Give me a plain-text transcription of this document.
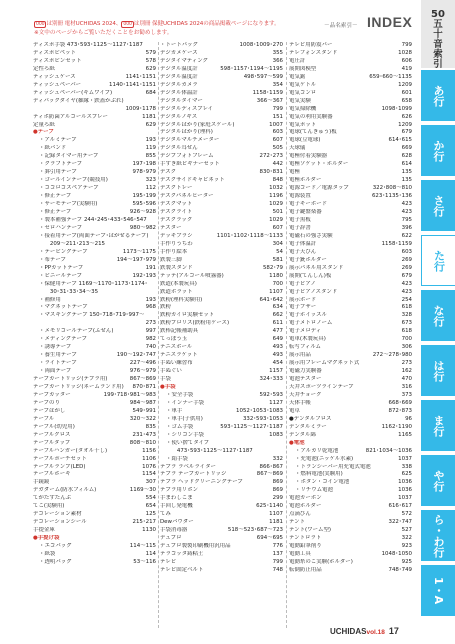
000 は別冊 電材UCHIDAS 2024、 000 は別冊 保健UCHIDAS 2024の商品掲載ページになります。
※文中のページからご覧いただくことをお勧めします。
－品名索引－ INDEX
ディスポ手袋 473･593･1125～1127･1187
ディスポピペット	579
ディスポピンセット	578
定性ろ紙	629
ティッシュケース	1141･1151
ティッシュペーパー	1140･1141･1151
ティッシュペーパー(キムワイプ)	684
ディパックダイヤ(雑縁・鉄蓋かぶれ)
1009･1178
ティボ防菌アルコールスプレー	1181
定量ろ紙	629
●テープ
・アルミテープ	193
・紙バンド	119
・記録タイマー用テープ	855
・クラフトテープ	197･198
・罫引用テープ	978･979
・ゴールインテープ(競技用)	323
・ココロコスペアテープ	112
・修正テープ	195･199
・サーモテープ(実験用)	595･596
・修正テープ	926～928
・製本補強テープ 244･245･433･546･547
・セロハンテープ	980～982
・接着用テープ(両面テープ･はがせるテープ)
　　209～211･213～215
・テービングテープ	1173～1175
・布テープ	194～197･979
・PPカットテープ	191
・ビニールテープ	192･193
・保健用テープ 1169～1170･1173･1174･
　　30･31･33･34～35
・補修用	193
・マグネットテープ	968
・マスキングテープ 150･718･719･997～

273
・メモリコールテープ(ふせん)	997
・メディングテープ	982
・誘導テープ	740
・養生用テープ	190～192･747
・ライトテープ	227～496
・両面テープ	976～979
テープカートリッジ(テプラ用)	867～869
テープカートリッジ(ネームランド用)	870･871
テープカッター	199･718･981～983
テープのり	984～987
テープはがし	549･991
テーブル	320～322
テーブル(幼児用)	835
テーブルクロス	231･473
テーブルタップ	808～810
テーブルハンガー(タオル干し)	1156
テーブルポーチセット	1106
テーブルランプ(LED)	1076
テーブルホーキ	1154
手鏡鏡	307
デガダーム(防水フィルム)	1169～30
てがたすたんぷ	554
てこ(実験用)	654
デコレーション素材	125
デコレーションシール	215･217
手提金庫	1130
●手提げ袋
・エコバッグ	114～115
・紙袋	114
・透明バッグ	53～116
・トートバッグ	1008･1009･270
デジカメケース	355
デジタイマティング	366
デジタル温度計	598･1157･1194～1195
デジタル温度計	498･597～599
デジタルカメラ	354
デジタル体温計	1158･1159
デジタルタイマー	366～367
デジタルディスプレイ	799
デジタルノギス	151
デジタルはかり(家庭スケール)	1007
デジタルはかり(理科)	603
デジタルマルチメーター	607
デジタル耳せん	505
デジプフォトフレーム	272･273
手すき紙ビギナーセット	442
デスク	830･831
デスクサイドキャビネット	848
デスクトレー	1032
デスクパネルヒーター	1196
デスクマット	1029
デスクライト	501
デスクラック	1029
テスター	607
デッキブラシ	1101･1102･1118～1133
手作りうちわ	304
手作り絵本	54
鉄製三脚	581
鉄製スタンド	582･79
テッテ(アルコール噴霧器)	1180
鉄道(本製玩具)	700
鉄道ボラット	1107
鉄粉(理科実験用)	641･642
鉄粉	634
鉄粉カイロ実験セット	662
鉄粉プロリス(鉄粉用ケース)	611
鉄棒記帳補助具	477
てっぽう玉	649
テニスボール	493
テニスラケット	493
手ぬい練習布	454
手ぬぐい	1157
手袋	324･333
●手袋
・安全手袋	592･593
・インナー手袋	1127
・軍手	1052･1053･1083
・軍手(子供用)	332･593･1053
・ゴム手袋	593･1125～1127･1187
・シリコン手袋	1083
・使い捨てタイプ
　　473･593･1125～1127･1187
・絹手袋	332
テプラ ラベルライター	866･867
テプラ テープカートリッジ	867～869
テプラ ヘッドクリーニングテープ	869
テプラ用リボン	869
手まわしこま	299
手回し発電機	625･1140
てみ	1107
Dewバウダー	1181
手袋消毒器	518～523･687～723
デュプロ	694～695
デュプロ製製印刷機用汎用品	776
テラコッタ鋳粘土	137
テレビ	799
テレビ固定ベルト	748
テレビ用防震バー	799
テレフォンスタンド	1028
電圧計	606
展開図模型	419
電気鋸	659･660～1135
電気ケトル	1209
電気コンロ	601
電気実験	658
電気掃除機	1098･1099
電気の利用実験器	626
電気ポット	1209
電球(てんきゅう)板	679
電球(豆電球)	614･615
天球儀	669
電極付着実験器	628
電極ソケット・ホルダー	614
電極	135
電極ホルダー	135
電源コード／電源タップ	322･808～810
電源装置	623･1135･136
電子キーボード	423
電子鍵盤楽器	423
電子黒板	795
電子辞書	396
電磁石の強さ実験	622
電子体温計	1158･1159
電子天びん	603
電子銃ホルダー	269
展示パネル用スタンド	269
展開(てんしん)板	679
電子ピアノ	423
電子ピアノスタンド	423
展示ボード	254
電子ブザー	618
電子ホイッスル	328
電子メトロノーム	673
電子メロディ	618
電車(木製玩具)	700
転写フィルム	306
展示用品	272～278･980
展示用フレームマグネット式	273
電磁力実験器	162
電池テスター	470
天井スポーツラインテープ	316
天井チョーク	373
天体手帳	668･669
電卓	872･873
●デンタルフロス	96
デンタルミラー	1162･1190
デンタル綿	1165
●電池
・アルカリ乾電池	821･1034～1036
・充電池(ニッケル水素)	1037
・トランシーバー用充電式電池	338
・燃料電池(実験用)	625
・ボタン・コイン電池	1036
・リチウム電池	1036
電池カーボン	1037
電池ホルダー	616･617
点滴びん	572
テント	322･747
テント(ワーム型)	527
テントロラト	322
電動鉛筆削り	923
電動工具	1048･1050
電動糸のこ実験(ホルダー)	925
転倒防止用品	748･749
50
五
十
音
索
引
あ行
か行
さ行
た行
な行
は行
ま行
や行
ら・わ行
1・A
UCHIDASvol.18 17
